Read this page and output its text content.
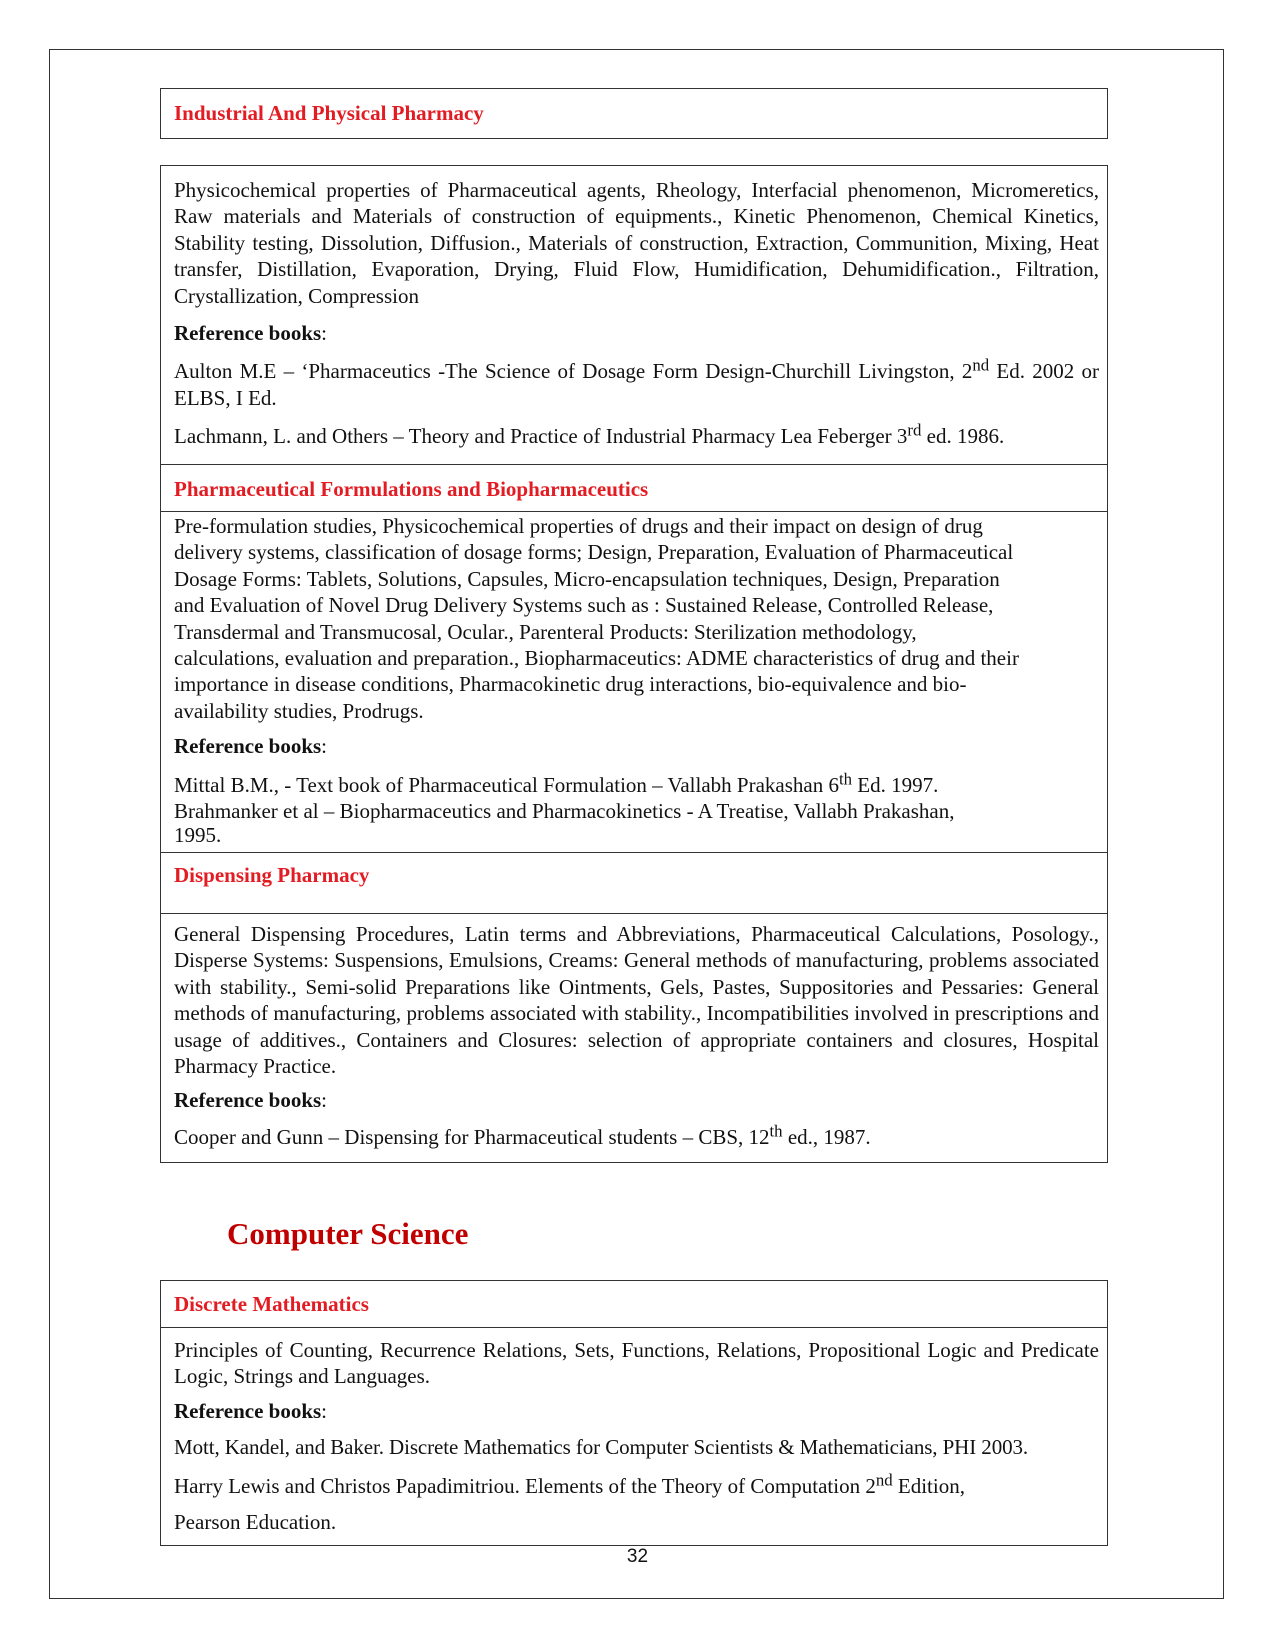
Industrial And Physical Pharmacy
Physicochemical properties of Pharmaceutical agents, Rheology, Interfacial phenomenon, Micromeretics, Raw materials and Materials of construction of equipments., Kinetic Phenomenon, Chemical Kinetics, Stability testing, Dissolution, Diffusion., Materials of construction, Extraction, Communition, Mixing, Heat transfer, Distillation, Evaporation, Drying, Fluid Flow, Humidification, Dehumidification., Filtration, Crystallization, Compression
Reference books:
Aulton M.E – ‘Pharmaceutics -The Science of Dosage Form Design-Churchill Livingston, 2nd Ed. 2002 or ELBS, I Ed.
Lachmann, L. and Others – Theory and Practice of Industrial Pharmacy Lea Feberger 3rd ed. 1986.
Pharmaceutical Formulations and Biopharmaceutics
Pre-formulation studies, Physicochemical properties of drugs and their impact on design of drug
delivery systems, classification of dosage forms; Design, Preparation, Evaluation of Pharmaceutical
Dosage Forms: Tablets, Solutions, Capsules, Micro-encapsulation techniques, Design, Preparation
and Evaluation of Novel Drug Delivery Systems such as : Sustained Release, Controlled Release,
Transdermal and Transmucosal, Ocular., Parenteral Products: Sterilization methodology,
calculations, evaluation and preparation., Biopharmaceutics: ADME characteristics of drug and their
importance in disease conditions, Pharmacokinetic drug interactions, bio-equivalence and bio-
availability studies, Prodrugs.
Reference books:
Mittal B.M., - Text book of Pharmaceutical Formulation – Vallabh Prakashan 6th Ed. 1997.
Brahmanker et al – Biopharmaceutics and Pharmacokinetics - A Treatise, Vallabh Prakashan,
1995.
Dispensing Pharmacy
General Dispensing Procedures, Latin terms and Abbreviations, Pharmaceutical Calculations, Posology., Disperse Systems: Suspensions, Emulsions, Creams: General methods of manufacturing, problems associated with stability., Semi-solid Preparations like Ointments, Gels, Pastes, Suppositories and Pessaries: General methods of manufacturing, problems associated with stability., Incompatibilities involved in prescriptions and usage of additives., Containers and Closures: selection of appropriate containers and closures, Hospital Pharmacy Practice.
Reference books:
Cooper and Gunn – Dispensing for Pharmaceutical students – CBS, 12th ed., 1987.
Computer Science
Discrete Mathematics
Principles of Counting, Recurrence Relations, Sets, Functions, Relations, Propositional Logic and Predicate Logic, Strings and Languages.
Reference books:
Mott, Kandel, and Baker. Discrete Mathematics for Computer Scientists & Mathematicians, PHI 2003.
Harry Lewis and Christos Papadimitriou. Elements of the Theory of Computation 2nd Edition,
Pearson Education.
32
